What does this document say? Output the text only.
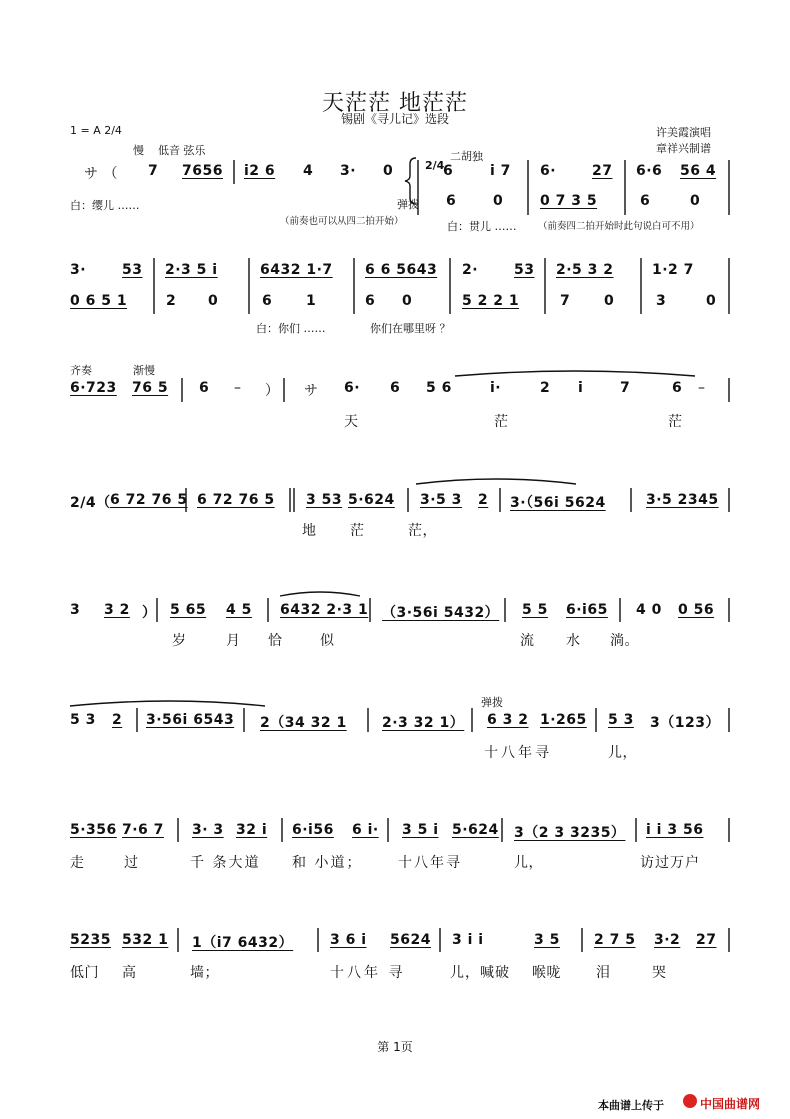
天茫茫 地茫茫
锡剧《寻儿记》选段
1 = A 2/4	许美霞演唱
章祥兴制谱
慢 低音 弦乐	二胡独
サ （ 7 7656 i2 6 4 3· 0	2/4
6	i 7 6·	27 6·6 56 4
弹拨 6	0	0 7 3 5	6	0
白：缨儿 ……
白：贯儿 ……
（前奏也可以从四二拍开始）	（前奏四二拍开始时此句说白可不用）
3·	53 2·3 5 i	6432 1·7 6 6 5643 2·	53 2·5 3 2	1·2 7
0 6 5 1	2 0	6 1	6 0	5 2 2 1	7 0	3	0
白：你们 ……	你们在哪里呀 ？
齐奏	渐慢
6·723 76 5 6 – ） サ 6· 6 5 6	i·	2 i	7	6 –
天	茫	茫
2/4（ 6 72 76 5 6 72 76 5 3 53 5·624 3·5 3 2 3·（56i 5624	3·5 2345
地 茫	茫，
3 3 2 ） 5 65 4 5 6432 2·3 1 （3·56i 5432） 5 5 6·i65 4 0 0 56
岁	月 恰	似	流 水 淌。
弹拨
5 3 2 3·56i 6543 2（34 32 1	2·3 32 1） 6 3 2 1·265 5 3 3（123）
十八年寻	儿，
5·356 7·6 7 3· 3 32 i 6·i56 6 i· 3 5 i 5·624 3（2 3 3235） i i 3 56
走	过	千 条大道 和 小道；	十八年寻	儿，	访过万户
5235 532 1 1（i7 6432）	3 6 i 5624 3 i i	3 5 2 7 5 3·2 27
低门 高	墙；	十八年 寻	儿，喊破 喉咙	泪	哭
第 1页
本曲谱上传于	中国曲谱网
